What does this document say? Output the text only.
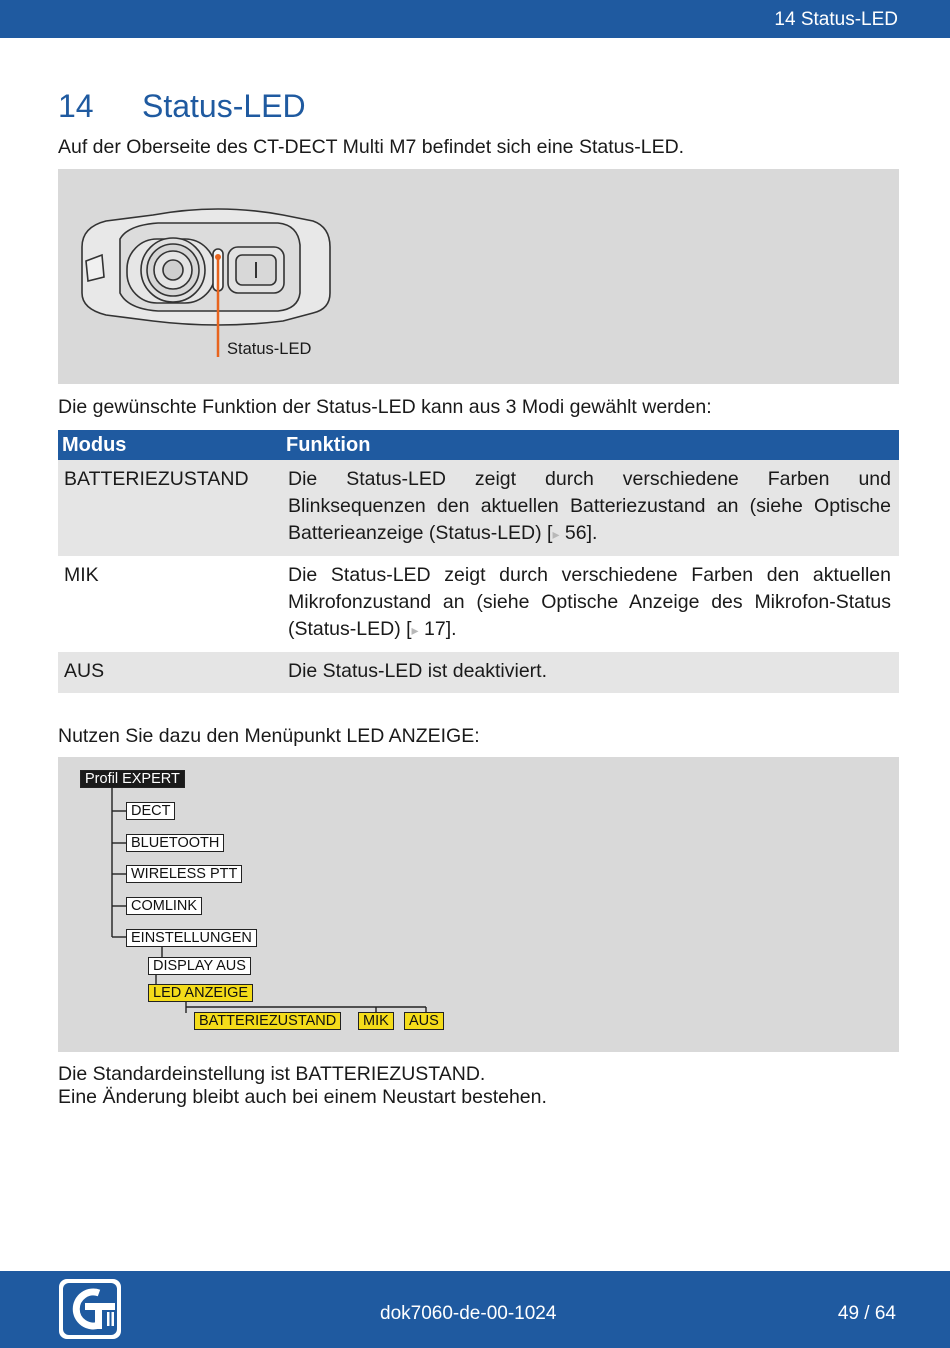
14 Status-LED
14 Status-LED
Auf der Oberseite des CT-DECT Multi M7 befindet sich eine Status-LED.
Status-LED
Die gewünschte Funktion der Status-LED kann aus 3 Modi gewählt werden:
Modus	Funktion
BATTERIEZUSTAND	Die Status-LED zeigt durch verschiedene Farben und Blinksequenzen den aktuellen Batteriezustand an (siehe Optische Batterieanzeige (Status-LED) [▸ 56].
MIK	Die Status-LED zeigt durch verschiedene Farben den aktuellen Mikrofonzustand an (siehe Optische Anzeige des Mikrofon-Status (Status-LED) [▸ 17].
AUS	Die Status-LED ist deaktiviert.
Nutzen Sie dazu den Menüpunkt LED ANZEIGE:
Profil EXPERT
DECT
BLUETOOTH
WIRELESS PTT
COMLINK
EINSTELLUNGEN
DISPLAY AUS
LED ANZEIGE
BATTERIEZUSTAND	MIK	AUS
Die Standardeinstellung ist BATTERIEZUSTAND.
Eine Änderung bleibt auch bei einem Neustart bestehen.
dok7060-de-00-1024	49 / 64
